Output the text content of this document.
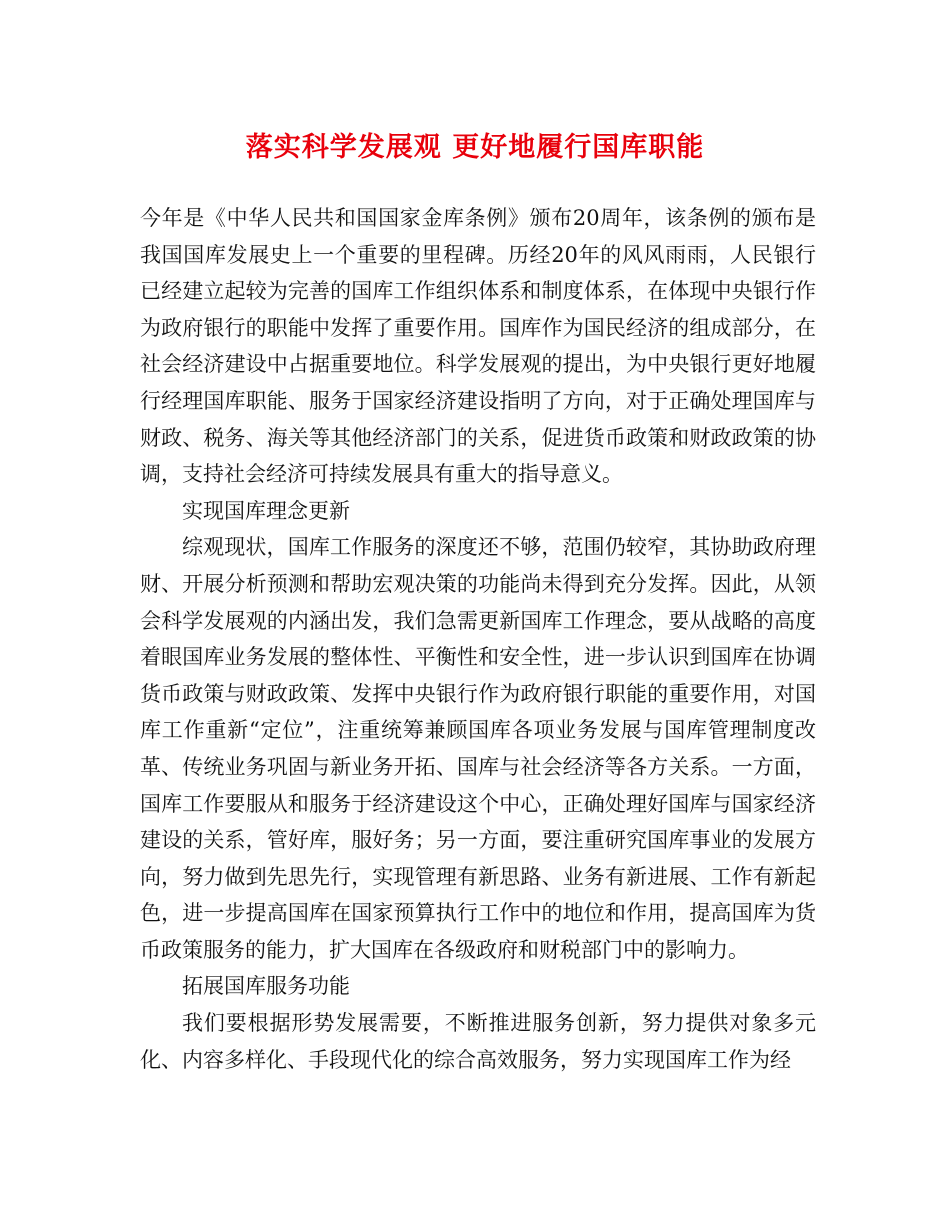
落实科学发展观 更好地履行国库职能

今年是《中华人民共和国国家金库条例》颁布20周年，该条例的颁布是我国国库发展史上一个重要的里程碑。历经20年的风风雨雨，人民银行已经建立起较为完善的国库工作组织体系和制度体系，在体现中央银行作为政府银行的职能中发挥了重要作用。国库作为国民经济的组成部分，在社会经济建设中占据重要地位。科学发展观的提出，为中央银行更好地履行经理国库职能、服务于国家经济建设指明了方向，对于正确处理国库与财政、税务、海关等其他经济部门的关系，促进货币政策和财政政策的协调，支持社会经济可持续发展具有重大的指导意义。

实现国库理念更新

综观现状，国库工作服务的深度还不够，范围仍较窄，其协助政府理财、开展分析预测和帮助宏观决策的功能尚未得到充分发挥。因此，从领会科学发展观的内涵出发，我们急需更新国库工作理念，要从战略的高度着眼国库业务发展的整体性、平衡性和安全性，进一步认识到国库在协调货币政策与财政政策、发挥中央银行作为政府银行职能的重要作用，对国库工作重新“定位”，注重统筹兼顾国库各项业务发展与国库管理制度改革、传统业务巩固与新业务开拓、国库与社会经济等各方关系。一方面，国库工作要服从和服务于经济建设这个中心，正确处理好国库与国家经济建设的关系，管好库，服好务；另一方面，要注重研究国库事业的发展方向，努力做到先思先行，实现管理有新思路、业务有新进展、工作有新起色，进一步提高国库在国家预算执行工作中的地位和作用，提高国库为货币政策服务的能力，扩大国库在各级政府和财税部门中的影响力。

拓展国库服务功能

我们要根据形势发展需要，不断推进服务创新，努力提供对象多元化、内容多样化、手段现代化的综合高效服务，努力实现国库工作为经
